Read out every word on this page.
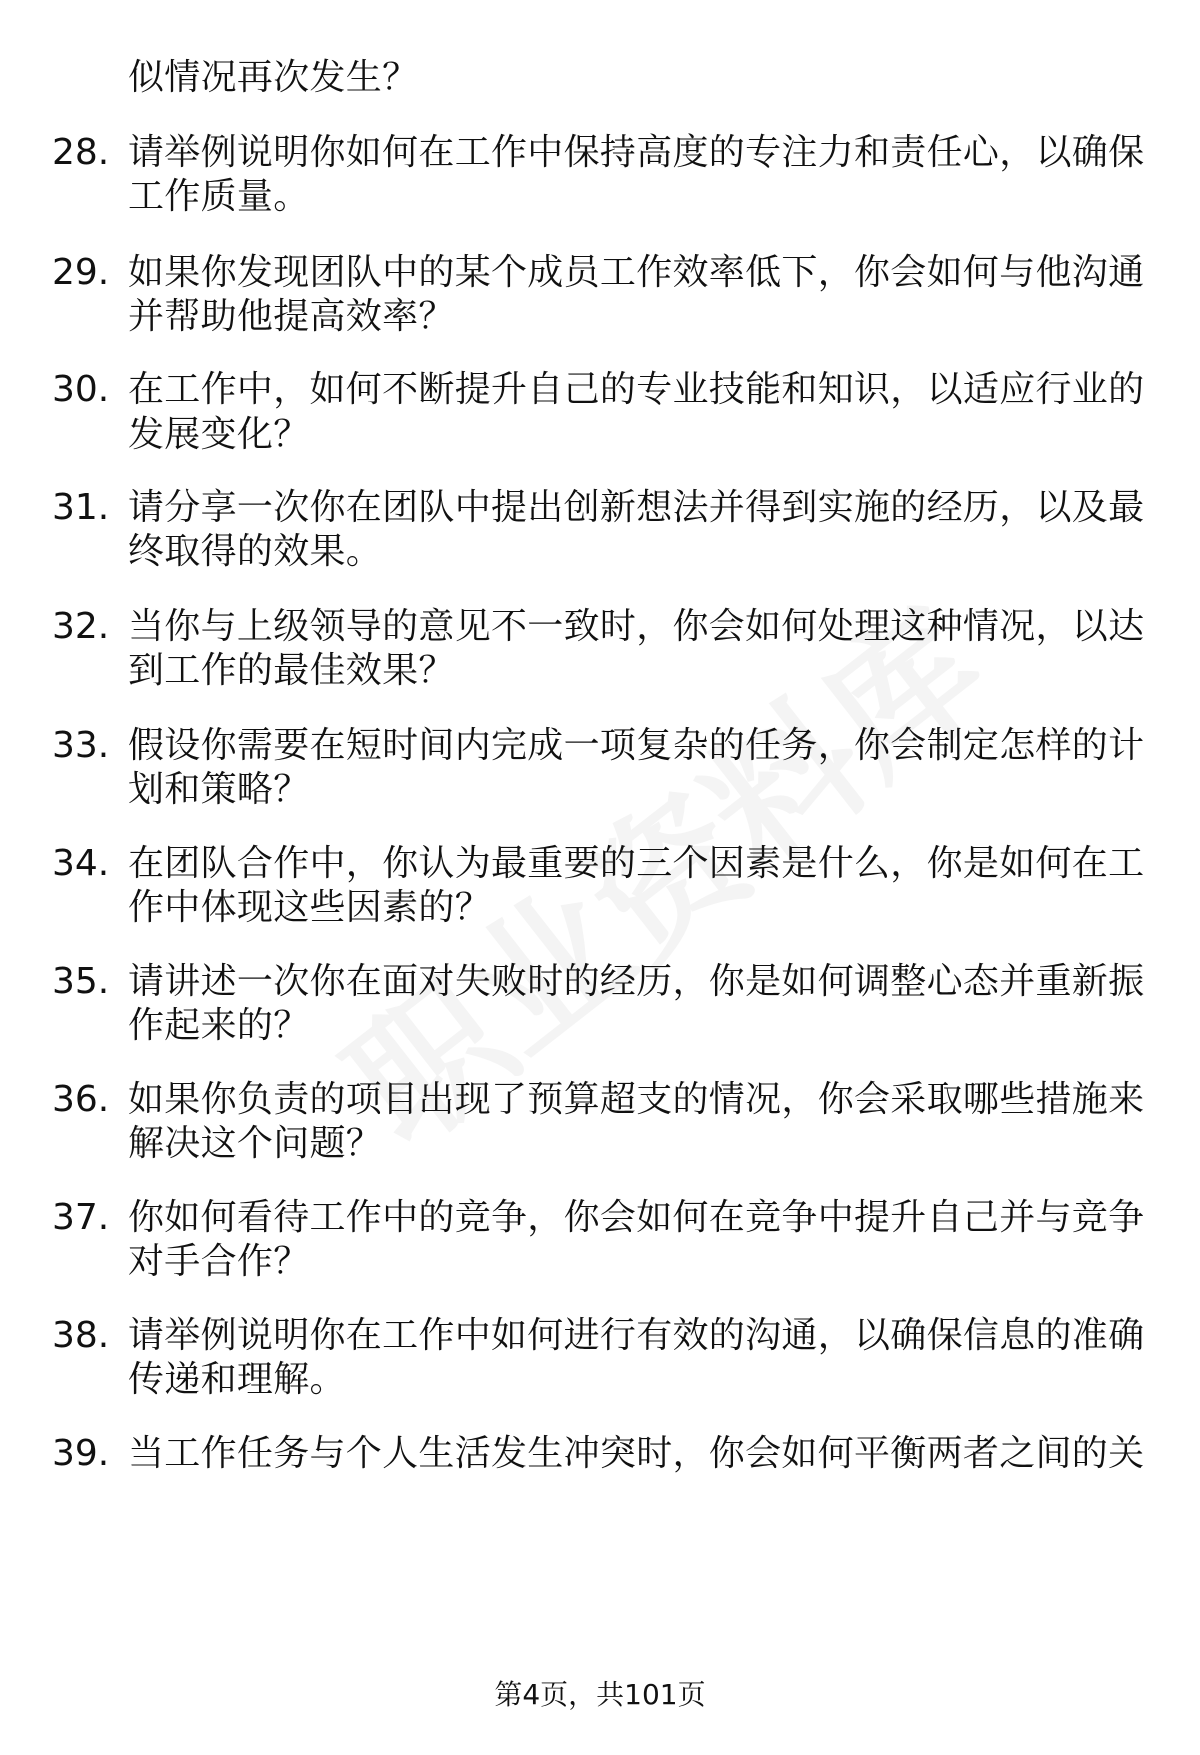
似情况再次发生？
28. 请举例说明你如何在工作中保持高度的专注力和责任心，以确保
工作质量。
29. 如果你发现团队中的某个成员工作效率低下，你会如何与他沟通
并帮助他提高效率？
30. 在工作中，如何不断提升自己的专业技能和知识，以适应行业的
发展变化？
31. 请分享一次你在团队中提出创新想法并得到实施的经历，以及最
终取得的效果。
32. 当你与上级领导的意见不一致时，你会如何处理这种情况，以达
到工作的最佳效果？
33. 假设你需要在短时间内完成一项复杂的任务，你会制定怎样的计
划和策略？
34. 在团队合作中，你认为最重要的三个因素是什么，你是如何在工
作中体现这些因素的？
35. 请讲述一次你在面对失败时的经历，你是如何调整心态并重新振
作起来的？
36. 如果你负责的项目出现了预算超支的情况，你会采取哪些措施来
解决这个问题？
37. 你如何看待工作中的竞争，你会如何在竞争中提升自己并与竞争
对手合作？
38. 请举例说明你在工作中如何进行有效的沟通，以确保信息的准确
传递和理解。
39. 当工作任务与个人生活发生冲突时，你会如何平衡两者之间的关
第4页，共101页
